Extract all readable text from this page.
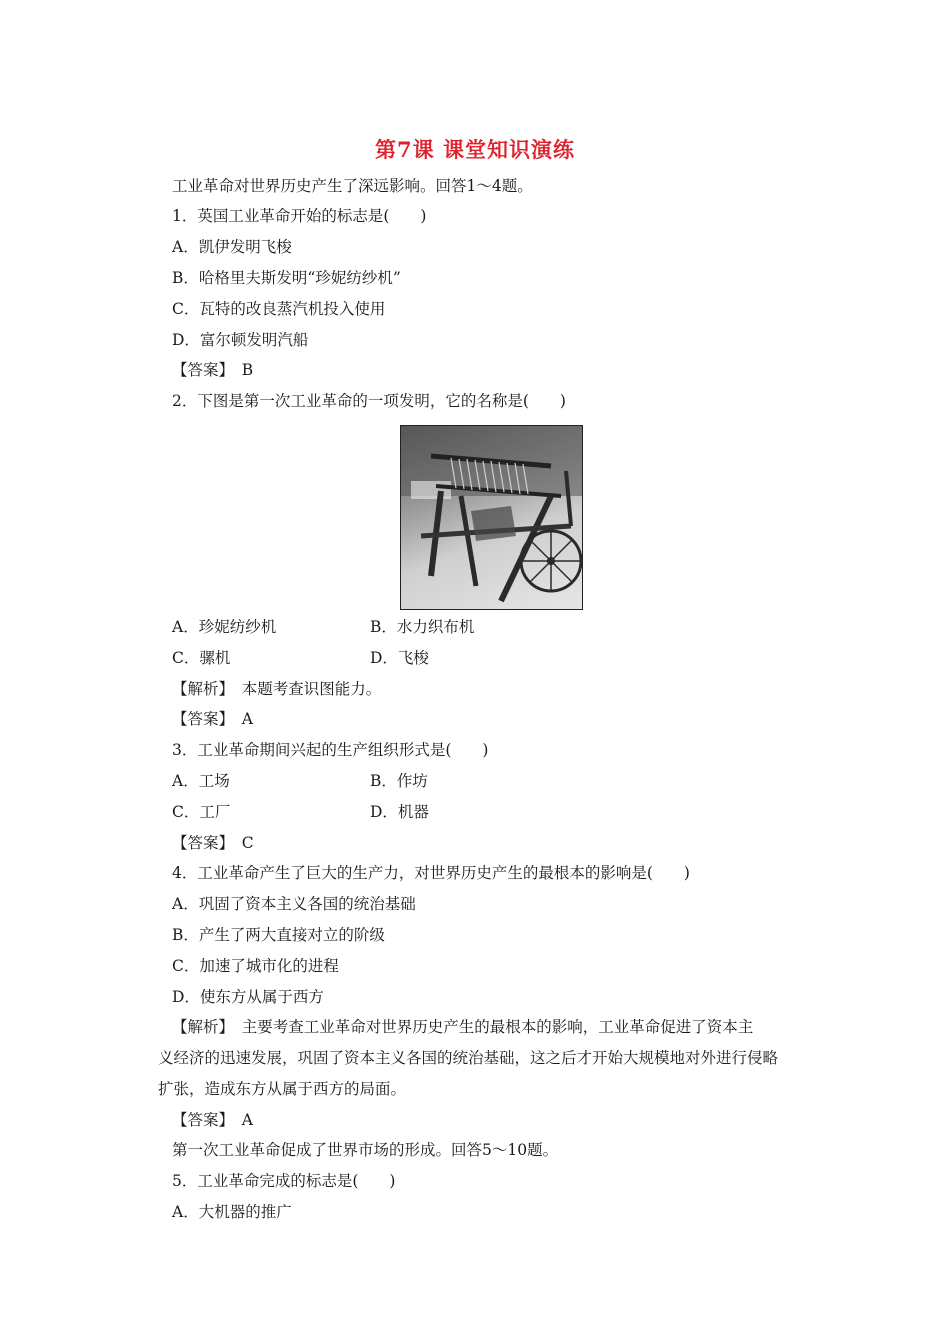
第7课 课堂知识演练
工业革命对世界历史产生了深远影响。回答1～4题。
1．英国工业革命开始的标志是(　　)
A．凯伊发明飞梭
B．哈格里夫斯发明“珍妮纺纱机”
C．瓦特的改良蒸汽机投入使用
D．富尔顿发明汽船
【答案】　B
2．下图是第一次工业革命的一项发明，它的名称是(　　)
A．珍妮纺纱机	B．水力织布机
C．骡机	D．飞梭
【解析】　本题考查识图能力。
【答案】　A
3．工业革命期间兴起的生产组织形式是(　　)
A．工场	B．作坊
C．工厂	D．机器
【答案】　C
4．工业革命产生了巨大的生产力，对世界历史产生的最根本的影响是(　　)
A．巩固了资本主义各国的统治基础
B．产生了两大直接对立的阶级
C．加速了城市化的进程
D．使东方从属于西方
【解析】　主要考查工业革命对世界历史产生的最根本的影响，工业革命促进了资本主
义经济的迅速发展，巩固了资本主义各国的统治基础，这之后才开始大规模地对外进行侵略
扩张，造成东方从属于西方的局面。
【答案】　A
第一次工业革命促成了世界市场的形成。回答5～10题。
5．工业革命完成的标志是(　　)
A．大机器的推广
